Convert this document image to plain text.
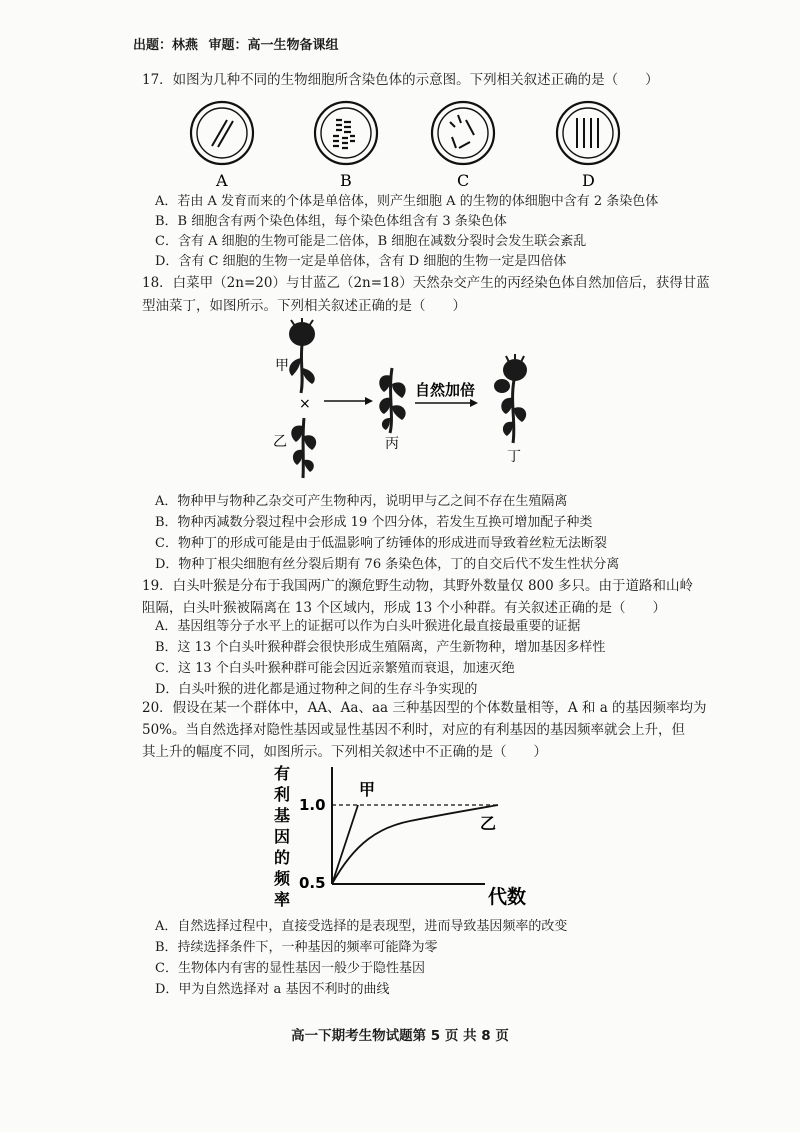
出题：林燕 审题：高一生物备课组
17．如图为几种不同的生物细胞所含染色体的示意图。下列相关叙述正确的是（　　）
A	B	C	D
A．若由 A 发育而来的个体是单倍体，则产生细胞 A 的生物的体细胞中含有 2 条染色体
B．B 细胞含有两个染色体组，每个染色体组含有 3 条染色体
C．含有 A 细胞的生物可能是二倍体，B 细胞在减数分裂时会发生联会紊乱
D．含有 C 细胞的生物一定是单倍体，含有 D 细胞的生物一定是四倍体
18．白菜甲（2n=20）与甘蓝乙（2n=18）天然杂交产生的丙经染色体自然加倍后，获得甘蓝
型油菜丁，如图所示。下列相关叙述正确的是（　　）
甲
×
乙	丙
自然加倍
丁
A．物种甲与物种乙杂交可产生物种丙，说明甲与乙之间不存在生殖隔离
B．物种丙减数分裂过程中会形成 19 个四分体，若发生互换可增加配子种类
C．物种丁的形成可能是由于低温影响了纺锤体的形成进而导致着丝粒无法断裂
D．物种丁根尖细胞有丝分裂后期有 76 条染色体，丁的自交后代不发生性状分离
19．白头叶猴是分布于我国两广的濒危野生动物，其野外数量仅 800 多只。由于道路和山岭
阻隔，白头叶猴被隔离在 13 个区域内，形成 13 个小种群。有关叙述正确的是（　　）
A．基因组等分子水平上的证据可以作为白头叶猴进化最直接最重要的证据
B．这 13 个白头叶猴种群会很快形成生殖隔离，产生新物种，增加基因多样性
C．这 13 个白头叶猴种群可能会因近亲繁殖而衰退，加速灭绝
D．白头叶猴的进化都是通过物种之间的生存斗争实现的
20．假设在某一个群体中，AA、Aa、aa 三种基因型的个体数量相等，A 和 a 的基因频率均为
50%。当自然选择对隐性基因或显性基因不利时，对应的有利基因的基因频率就会上升，但
其上升的幅度不同，如图所示。下列相关叙述中不正确的是（　　）
有
利
基
因
的
频
率
1.0
0.5
甲
乙
代数
A．自然选择过程中，直接受选择的是表现型，进而导致基因频率的改变
B．持续选择条件下，一种基因的频率可能降为零
C．生物体内有害的显性基因一般少于隐性基因
D．甲为自然选择对 a 基因不利时的曲线
高一下期考生物试题第 5 页 共 8 页
